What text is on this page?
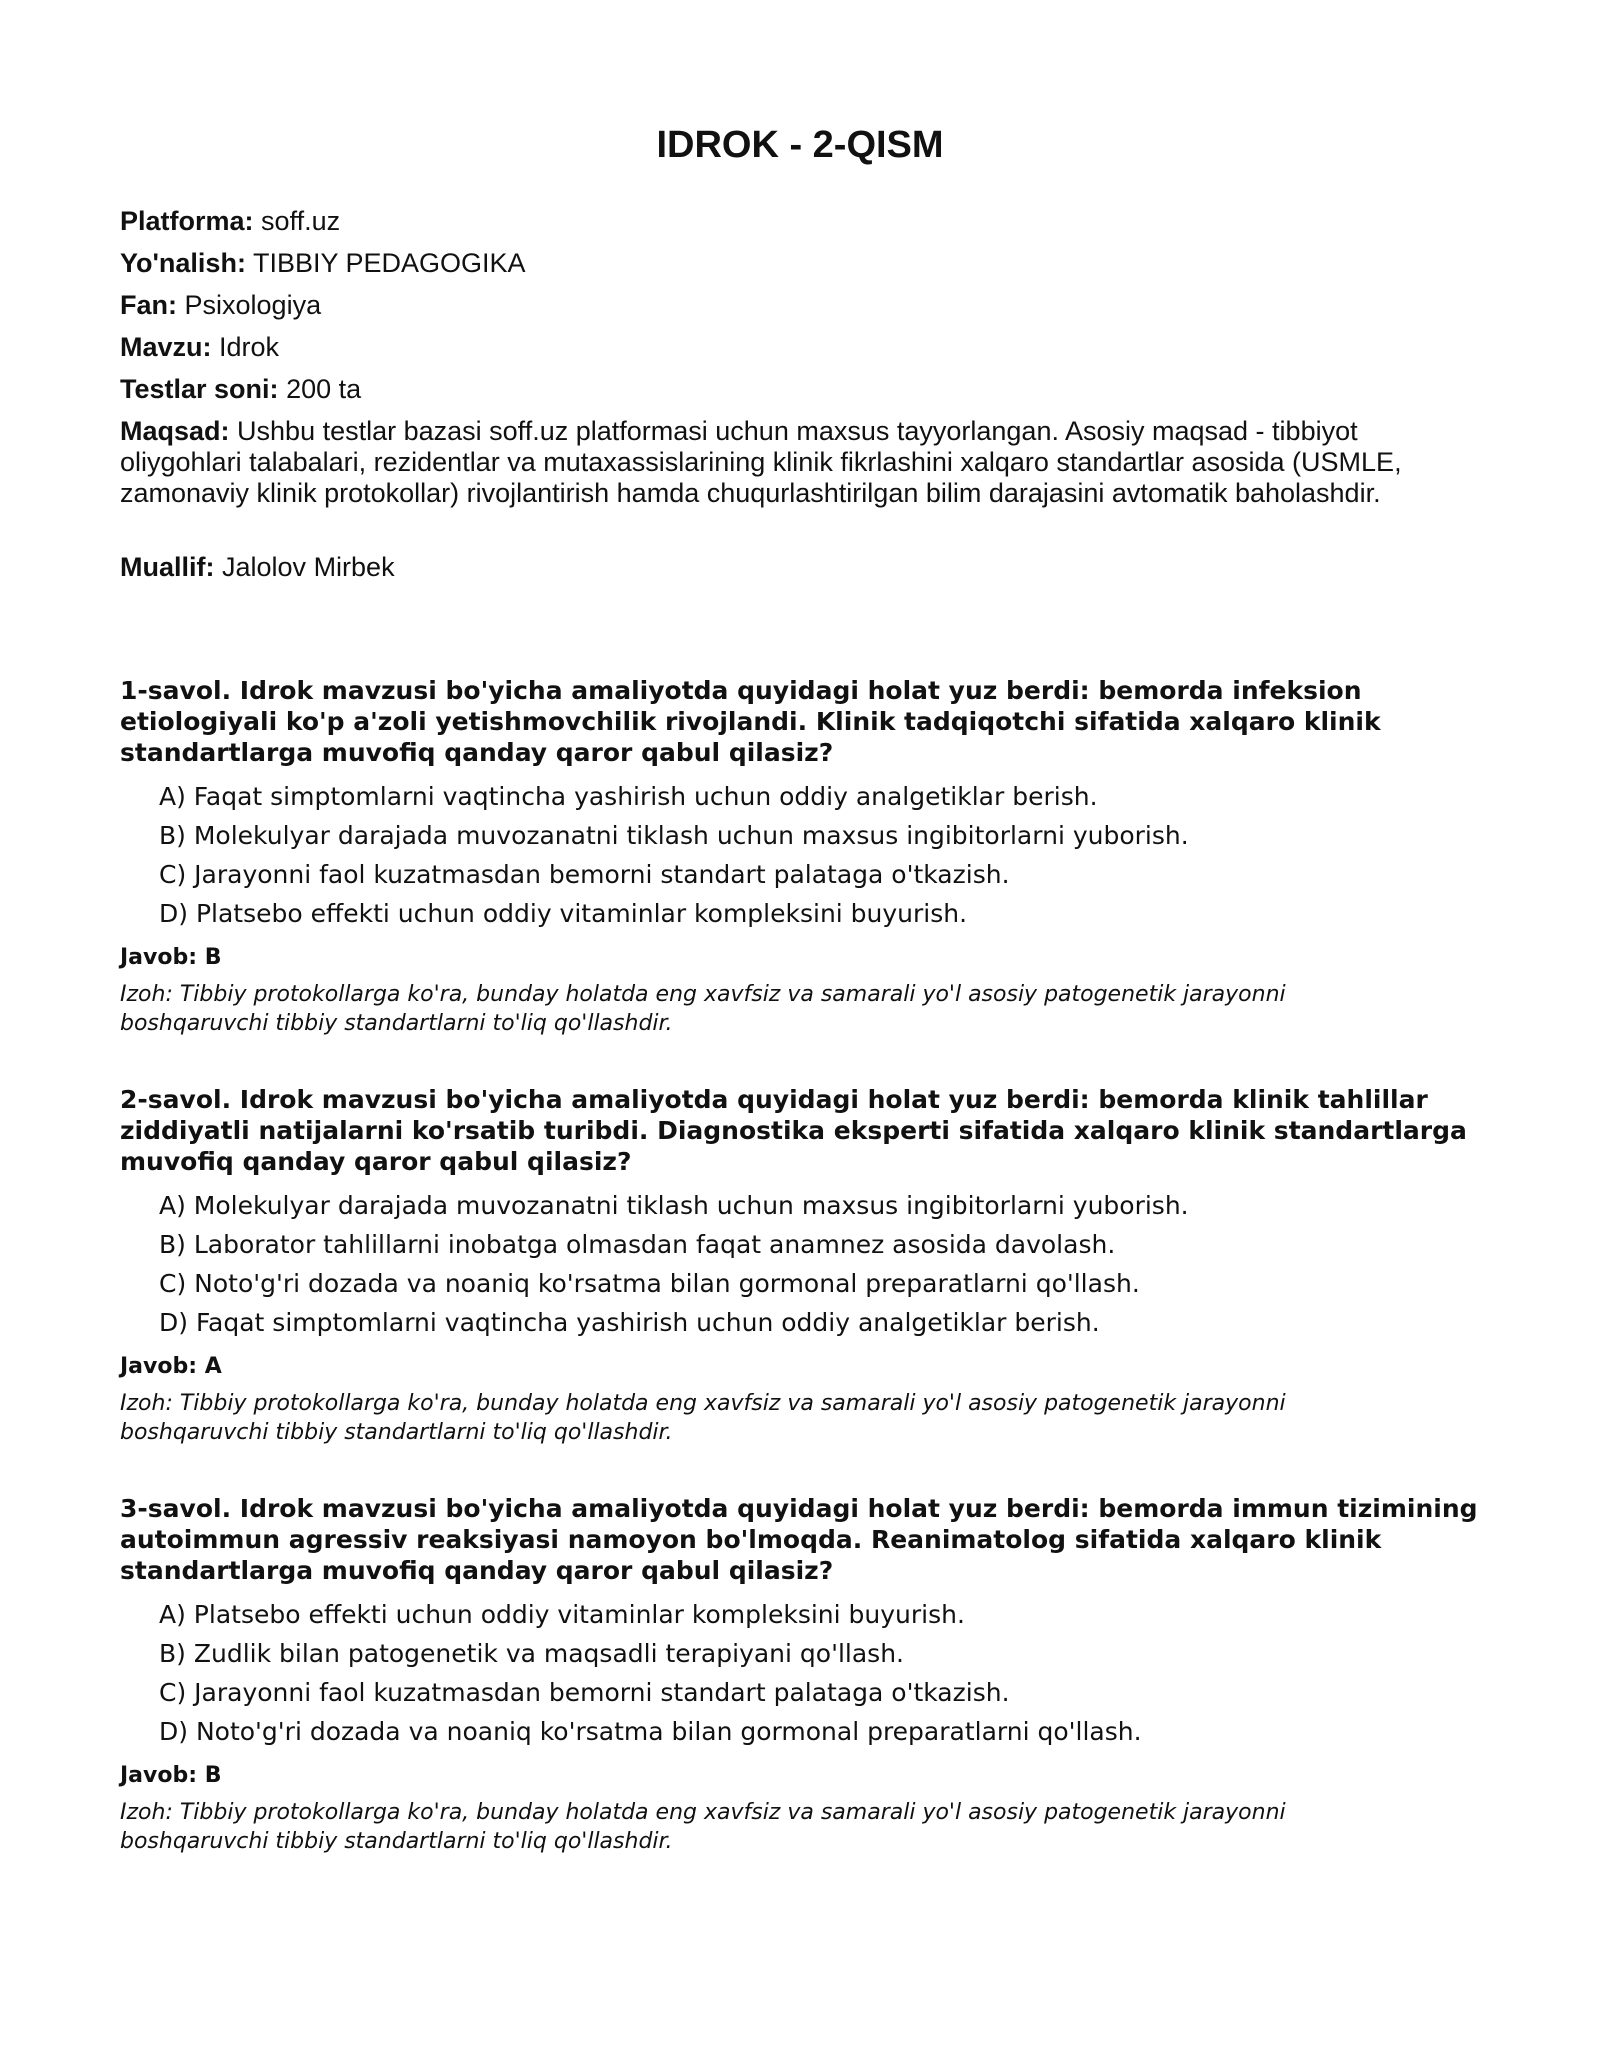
IDROK - 2-QISM

Platforma: soff.uz

Yo'nalish: TIBBIY PEDAGOGIKA

Fan: Psixologiya

Mavzu: Idrok

Testlar soni: 200 ta

Maqsad: Ushbu testlar bazasi soff.uz platformasi uchun maxsus tayyorlangan. Asosiy maqsad - tibbiyot oliygohlari talabalari, rezidentlar va mutaxassislarining klinik fikrlashini xalqaro standartlar asosida (USMLE, zamonaviy klinik protokollar) rivojlantirish hamda chuqurlashtirilgan bilim darajasini avtomatik baholashdir.

Muallif: Jalolov Mirbek

1-savol. Idrok mavzusi bo'yicha amaliyotda quyidagi holat yuz berdi: bemorda infeksion etiologiyali ko'p a'zoli yetishmovchilik rivojlandi. Klinik tadqiqotchi sifatida xalqaro klinik standartlarga muvofiq qanday qaror qabul qilasiz?

A) Faqat simptomlarni vaqtincha yashirish uchun oddiy analgetiklar berish.

B) Molekulyar darajada muvozanatni tiklash uchun maxsus ingibitorlarni yuborish.

C) Jarayonni faol kuzatmasdan bemorni standart palataga o'tkazish.

D) Platsebo effekti uchun oddiy vitaminlar kompleksini buyurish.

Javob: B

Izoh: Tibbiy protokollarga ko'ra, bunday holatda eng xavfsiz va samarali yo'l asosiy patogenetik jarayonni boshqaruvchi tibbiy standartlarni to'liq qo'llashdir.

2-savol. Idrok mavzusi bo'yicha amaliyotda quyidagi holat yuz berdi: bemorda klinik tahlillar ziddiyatli natijalarni ko'rsatib turibdi. Diagnostika eksperti sifatida xalqaro klinik standartlarga muvofiq qanday qaror qabul qilasiz?

A) Molekulyar darajada muvozanatni tiklash uchun maxsus ingibitorlarni yuborish.

B) Laborator tahlillarni inobatga olmasdan faqat anamnez asosida davolash.

C) Noto'g'ri dozada va noaniq ko'rsatma bilan gormonal preparatlarni qo'llash.

D) Faqat simptomlarni vaqtincha yashirish uchun oddiy analgetiklar berish.

Javob: A

Izoh: Tibbiy protokollarga ko'ra, bunday holatda eng xavfsiz va samarali yo'l asosiy patogenetik jarayonni boshqaruvchi tibbiy standartlarni to'liq qo'llashdir.

3-savol. Idrok mavzusi bo'yicha amaliyotda quyidagi holat yuz berdi: bemorda immun tizimining autoimmun agressiv reaksiyasi namoyon bo'lmoqda. Reanimatolog sifatida xalqaro klinik standartlarga muvofiq qanday qaror qabul qilasiz?

A) Platsebo effekti uchun oddiy vitaminlar kompleksini buyurish.

B) Zudlik bilan patogenetik va maqsadli terapiyani qo'llash.

C) Jarayonni faol kuzatmasdan bemorni standart palataga o'tkazish.

D) Noto'g'ri dozada va noaniq ko'rsatma bilan gormonal preparatlarni qo'llash.

Javob: B

Izoh: Tibbiy protokollarga ko'ra, bunday holatda eng xavfsiz va samarali yo'l asosiy patogenetik jarayonni boshqaruvchi tibbiy standartlarni to'liq qo'llashdir.
